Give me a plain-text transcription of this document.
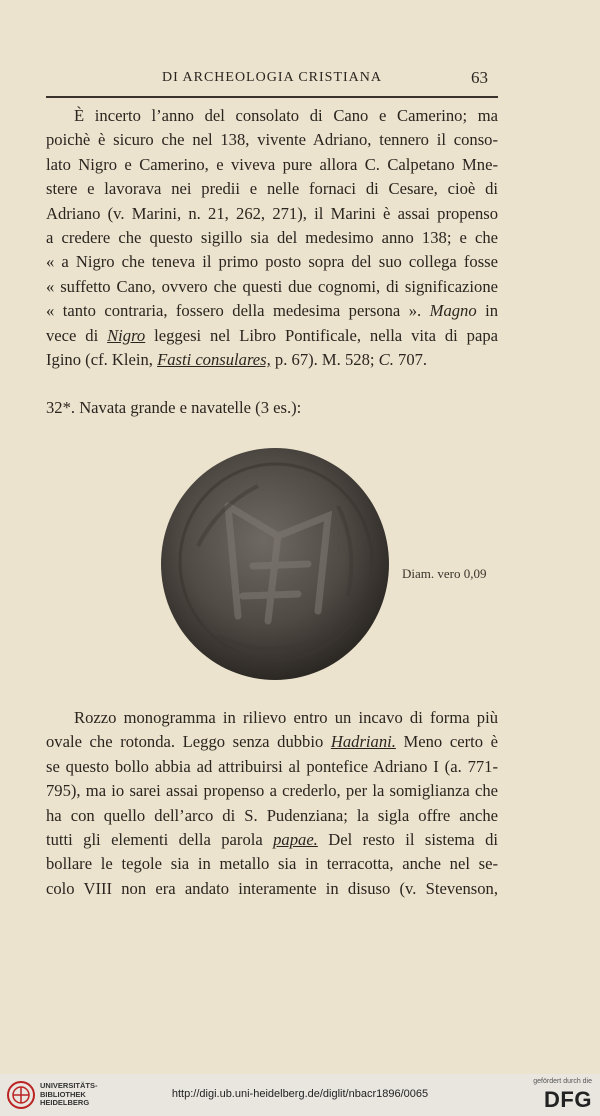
DI ARCHEOLOGIA CRISTIANA	63
È incerto l’anno del consolato di Cano e Camerino; ma
poichè è sicuro che nel 138, vivente Adriano, tennero il conso-
lato Nigro e Camerino, e viveva pure allora C. Calpetano Mne-
stere e lavorava nei predii e nelle fornaci di Cesare, cioè di
Adriano (v. Marini, n. 21, 262, 271), il Marini è assai propenso
a credere che questo sigillo sia del medesimo anno 138; e che
« a Nigro che teneva il primo posto sopra del suo collega fosse
« suffetto Cano, ovvero che questi due cognomi, di significazione
« tanto contraria, fossero della medesima persona ». Magno in
vece di Nigro leggesi nel Libro Pontificale, nella vita di papa
Igino (cf. Klein, Fasti consulares, p. 67). M. 528; C. 707.
32*. Navata grande e navatelle (3 es.):
Diam. vero 0,09
Rozzo monogramma in rilievo entro un incavo di forma più
ovale che rotonda. Leggo senza dubbio Hadriani. Meno certo è
se questo bollo abbia ad attribuirsi al pontefice Adriano I (a. 771-
795), ma io sarei assai propenso a crederlo, per la somiglianza che
ha con quello dell’arco di S. Pudenziana; la sigla offre anche
tutti gli elementi della parola papae. Del resto il sistema di
bollare le tegole sia in metallo sia in terracotta, anche nel se-
colo VIII non era andato interamente in disuso (v. Stevenson,
UNIVERSITÄTS-
BIBLIOTHEK
HEIDELBERG
http://digi.ub.uni-heidelberg.de/diglit/nbacr1896/0065
gefördert durch die
DFG
